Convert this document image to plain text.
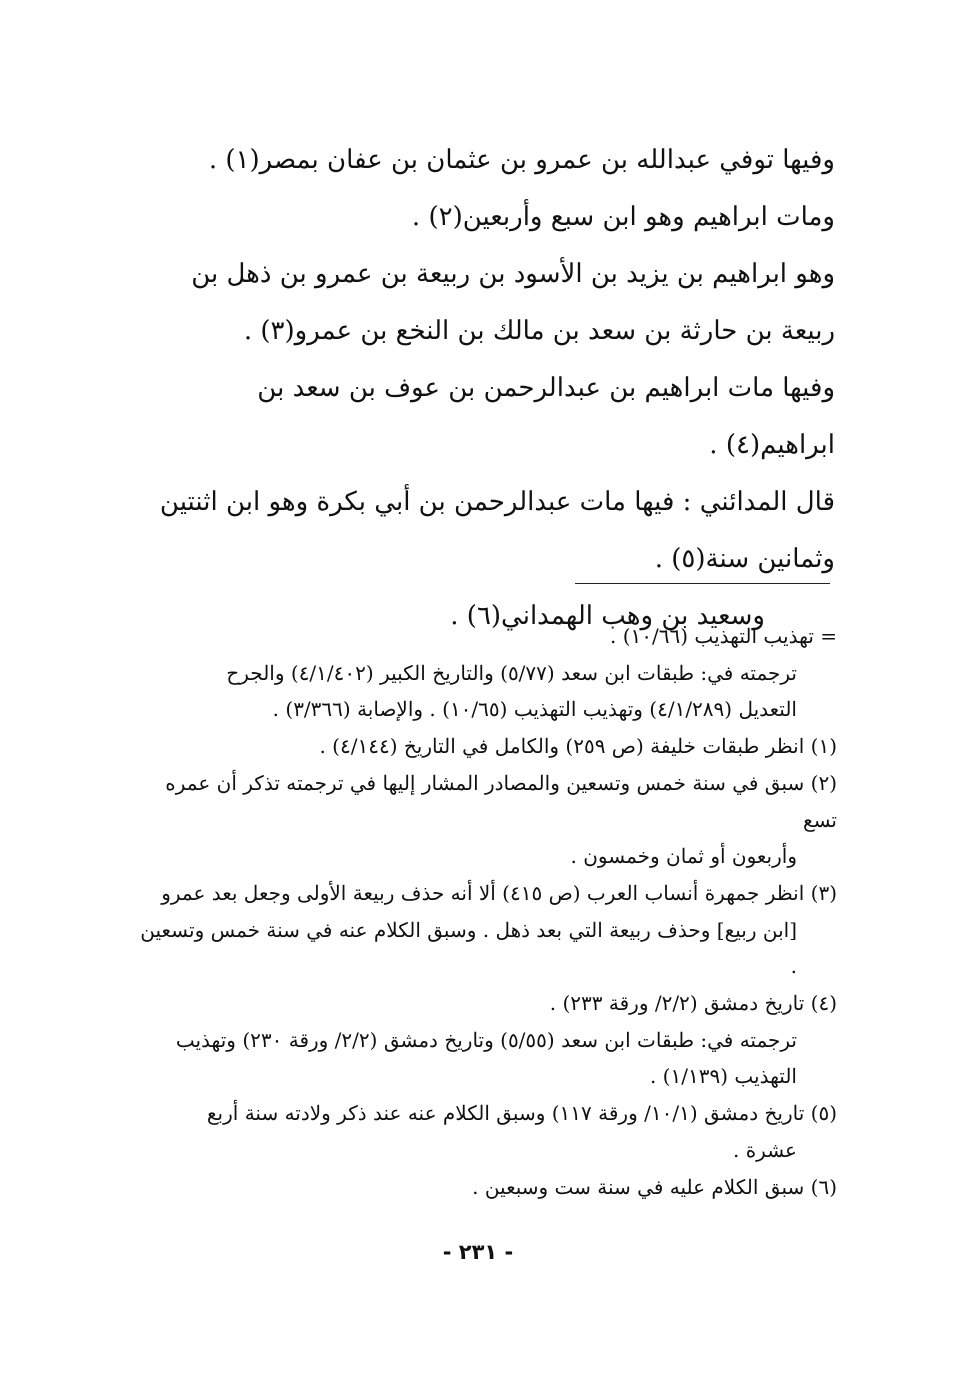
وفيها توفي عبدالله بن عمرو بن عثمان بن عفان بمصر(١) .

ومات ابراهيم وهو ابن سبع وأربعين(٢) .

وهو ابراهيم بن يزيد بن الأسود بن ربيعة بن عمرو بن ذهل بن

ربيعة بن حارثة بن سعد بن مالك بن النخع بن عمرو(٣) .

وفيها مات ابراهيم بن عبدالرحمن بن عوف بن سعد بن

ابراهيم(٤) .

قال المدائني : فيها مات عبدالرحمن بن أبي بكرة وهو ابن اثنتين

وثمانين سنة(٥) .

وسعيد بن وهب الهمداني(٦) .

= تهذيب التهذيب (١٠/٦٦) .

ترجمته في: طبقات ابن سعد (٥/٧٧) والتاريخ الكبير (٤/١/٤٠٢) والجرح

التعديل (٤/١/٢٨٩) وتهذيب التهذيب (١٠/٦٥) . والإصابة (٣/٣٦٦) .

(١) انظر طبقات خليفة (ص ٢٥٩) والكامل في التاريخ (٤/١٤٤) .

(٢) سبق في سنة خمس وتسعين والمصادر المشار إليها في ترجمته تذكر أن عمره تسع

وأربعون أو ثمان وخمسون .

(٣) انظر جمهرة أنساب العرب (ص ٤١٥) ألا أنه حذف ربيعة الأولى وجعل بعد عمرو

[ابن ربيع] وحذف ربيعة التي بعد ذهل . وسبق الكلام عنه في سنة خمس وتسعين .

(٤) تاريخ دمشق (٢/٢/ ورقة ٢٣٣) .

ترجمته في: طبقات ابن سعد (٥/٥٥) وتاريخ دمشق (٢/٢/ ورقة ٢٣٠) وتهذيب

التهذيب (١/١٣٩) .

(٥) تاريخ دمشق (١٠/١/ ورقة ١١٧) وسبق الكلام عنه عند ذكر ولادته سنة أربع

عشرة .

(٦) سبق الكلام عليه في سنة ست وسبعين .

- ٢٣١ -
